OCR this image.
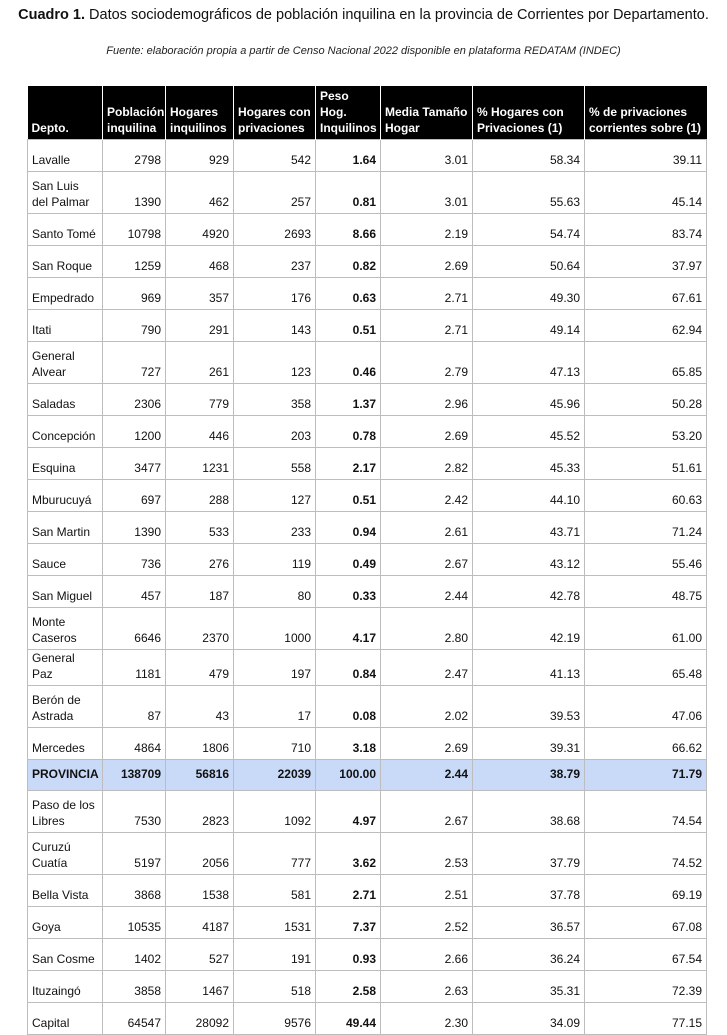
Cuadro 1. Datos sociodemográficos de población inquilina en la provincia de Corrientes por Departamento.
Fuente: elaboración propia a partir de Censo Nacional 2022 disponible en plataforma REDATAM (INDEC)
Depto.	Población inquilina	Hogares inquilinos	Hogares con privaciones	Peso Hog. Inquilinos	Media Tamaño Hogar	% Hogares con Privaciones (1)	% de privaciones corrientes sobre (1)
Lavalle	2798	929	542	1.64	3.01	58.34	39.11
San Luis del Palmar	1390	462	257	0.81	3.01	55.63	45.14
Santo Tomé	10798	4920	2693	8.66	2.19	54.74	83.74
San Roque	1259	468	237	0.82	2.69	50.64	37.97
Empedrado	969	357	176	0.63	2.71	49.30	67.61
Itati	790	291	143	0.51	2.71	49.14	62.94
General Alvear	727	261	123	0.46	2.79	47.13	65.85
Saladas	2306	779	358	1.37	2.96	45.96	50.28
Concepción	1200	446	203	0.78	2.69	45.52	53.20
Esquina	3477	1231	558	2.17	2.82	45.33	51.61
Mburucuyá	697	288	127	0.51	2.42	44.10	60.63
San Martin	1390	533	233	0.94	2.61	43.71	71.24
Sauce	736	276	119	0.49	2.67	43.12	55.46
San Miguel	457	187	80	0.33	2.44	42.78	48.75
Monte Caseros	6646	2370	1000	4.17	2.80	42.19	61.00
General Paz	1181	479	197	0.84	2.47	41.13	65.48
Berón de Astrada	87	43	17	0.08	2.02	39.53	47.06
Mercedes	4864	1806	710	3.18	2.69	39.31	66.62
PROVINCIA	138709	56816	22039	100.00	2.44	38.79	71.79
Paso de los Libres	7530	2823	1092	4.97	2.67	38.68	74.54
Curuzú Cuatía	5197	2056	777	3.62	2.53	37.79	74.52
Bella Vista	3868	1538	581	2.71	2.51	37.78	69.19
Goya	10535	4187	1531	7.37	2.52	36.57	67.08
San Cosme	1402	527	191	0.93	2.66	36.24	67.54
Ituzaingó	3858	1467	518	2.58	2.63	35.31	72.39
Capital	64547	28092	9576	49.44	2.30	34.09	77.15
